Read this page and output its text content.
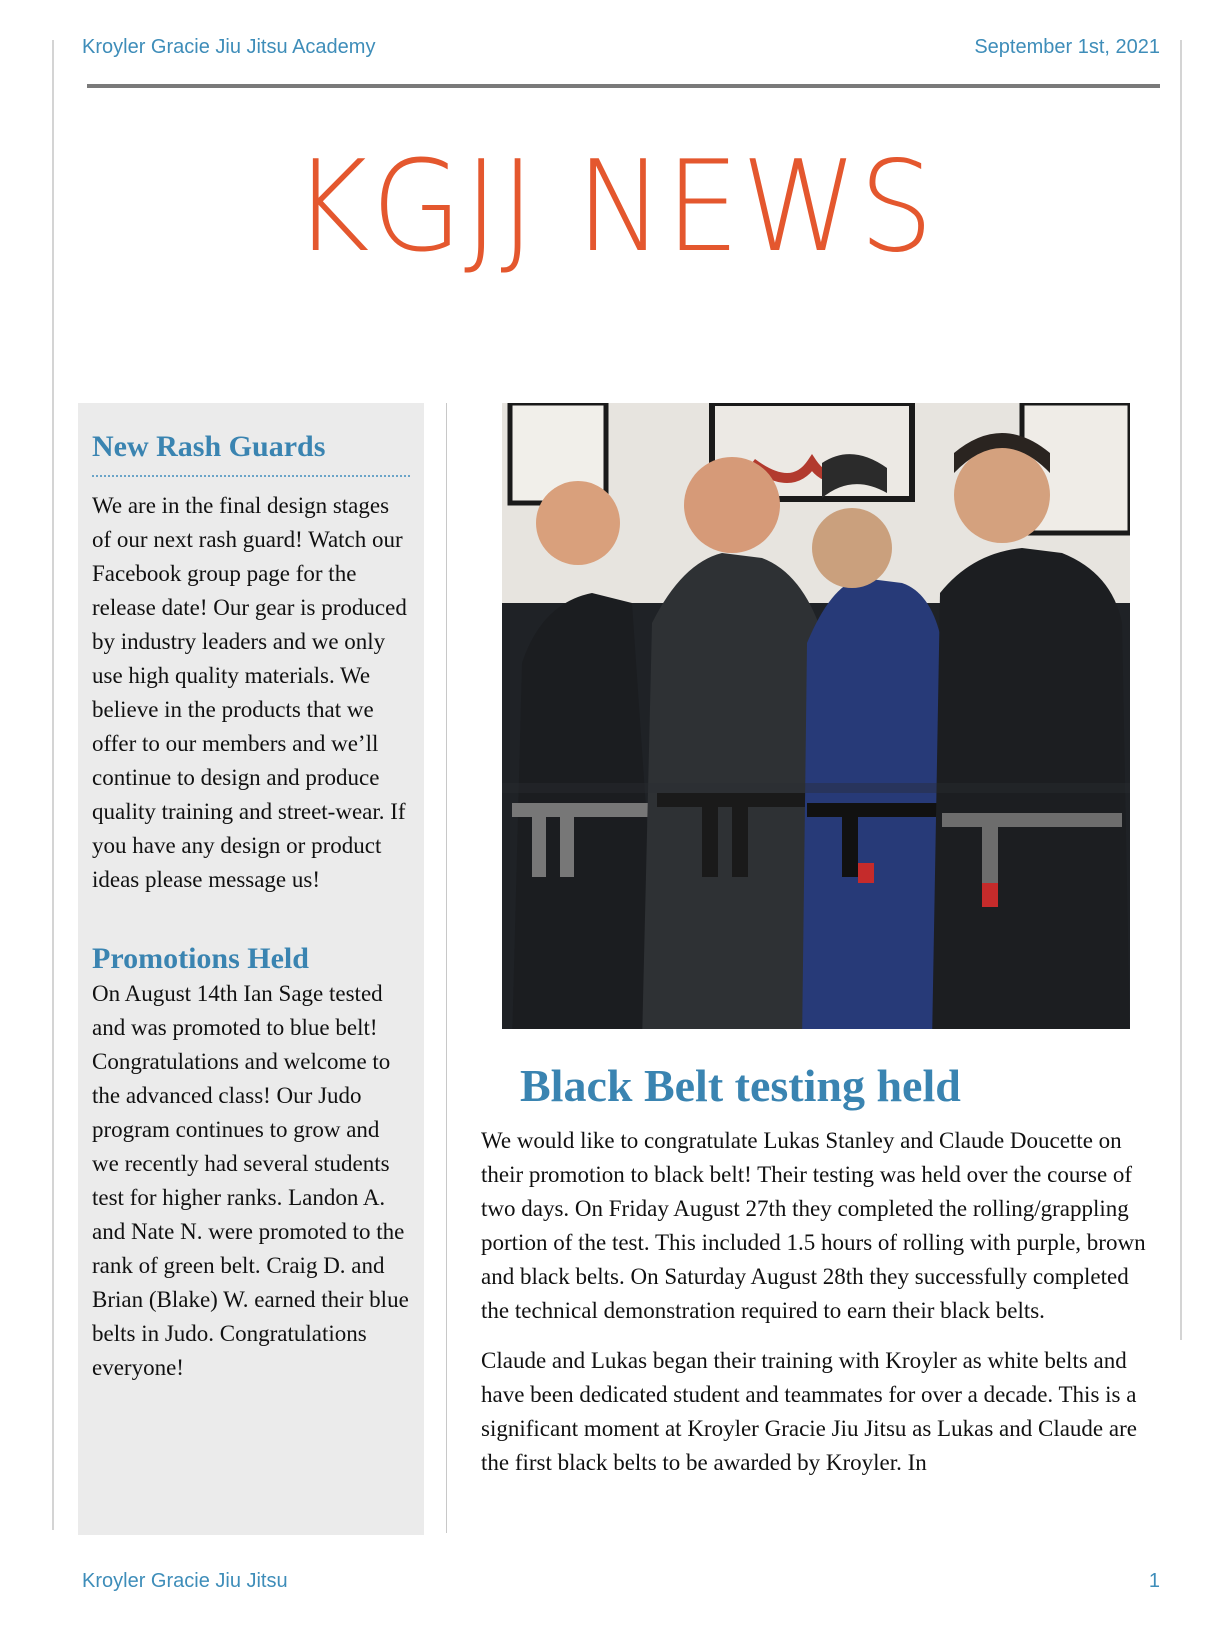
Kroyler Gracie Jiu Jitsu Academy	September 1st, 2021
KGJJ NEWS
New Rash Guards

We are in the final design stages of our next rash guard! Watch our Facebook group page for the release date! Our gear is produced by industry leaders and we only use high quality materials. We believe in the products that we offer to our members and we’ll continue to design and produce quality training and street-wear. If you have any design or product ideas please message us!

Promotions Held

On August 14th Ian Sage tested and was promoted to blue belt! Congratulations and welcome to the advanced class! Our Judo program continues to grow and we recently had several students test for higher ranks. Landon A. and Nate N. were promoted to the rank of green belt. Craig D. and Brian (Blake) W. earned their blue belts in Judo. Congratulations everyone!

Black Belt testing held

We would like to congratulate Lukas Stanley and Claude Doucette on their promotion to black belt! Their testing was held over the course of two days. On Friday August 27th they completed the rolling/grappling portion of the test. This included 1.5 hours of rolling with purple, brown and black belts. On Saturday August 28th they successfully completed the technical demonstration required to earn their black belts.

Claude and Lukas began their training with Kroyler as white belts and have been dedicated student and teammates for over a decade. This is a significant moment at Kroyler Gracie Jiu Jitsu as Lukas and Claude are the first black belts to be awarded by Kroyler. In

Kroyler Gracie Jiu Jitsu	1
